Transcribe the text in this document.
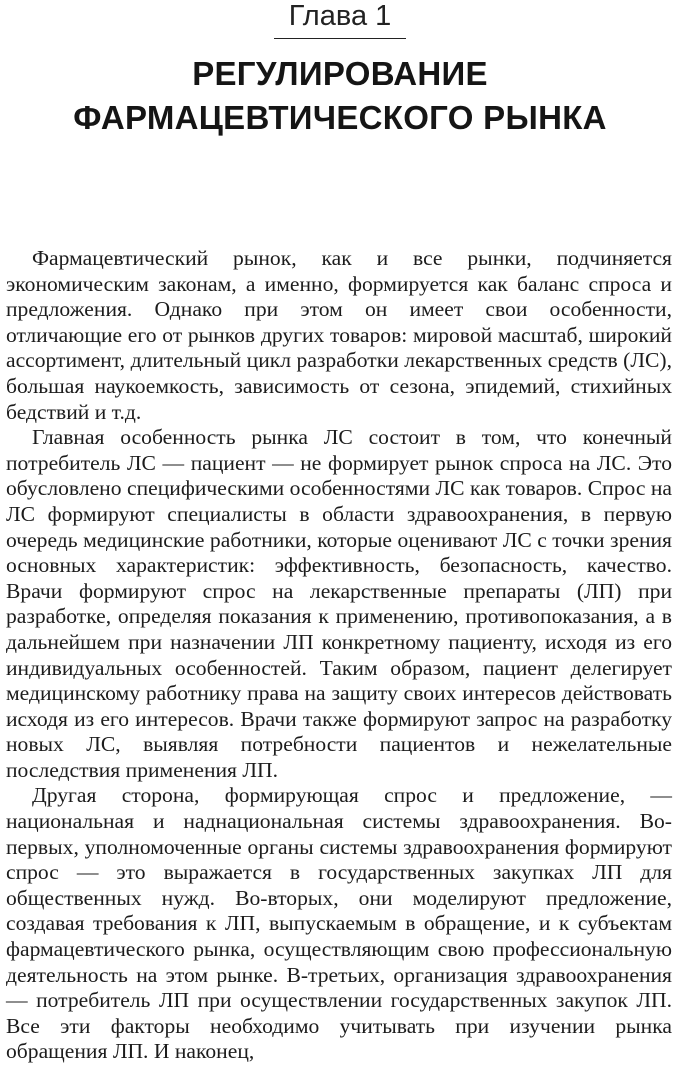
Глава 1
РЕГУЛИРОВАНИЕ
ФАРМАЦЕВТИЧЕСКОГО РЫНКА

Фармацевтический рынок, как и все рынки, подчиняется экономическим законам, а именно, формируется как баланс спроса и предложения. Однако при этом он имеет свои особенности, отличающие его от рынков других товаров: мировой масштаб, широкий ассортимент, длительный цикл разработки лекарственных средств (ЛС), большая наукоемкость, зависимость от сезона, эпидемий, стихийных бедствий и т.д.

Главная особенность рынка ЛС состоит в том, что конечный потребитель ЛС — пациент — не формирует рынок спроса на ЛС. Это обусловлено специфическими особенностями ЛС как товаров. Спрос на ЛС формируют специалисты в области здравоохранения, в первую очередь медицинские работники, которые оценивают ЛС с точки зрения основных характеристик: эффективность, безопасность, качество. Врачи формируют спрос на лекарственные препараты (ЛП) при разработке, определяя показания к применению, противопоказания, а в дальнейшем при назначении ЛП конкретному пациенту, исходя из его индивидуальных особенностей. Таким образом, пациент делегирует медицинскому работнику права на защиту своих интересов действовать исходя из его интересов. Врачи также формируют запрос на разработку новых ЛС, выявляя потребности пациентов и нежелательные последствия применения ЛП.

Другая сторона, формирующая спрос и предложение, — национальная и наднациональная системы здравоохранения. Во-первых, уполномоченные органы системы здравоохранения формируют спрос — это выражается в государственных закупках ЛП для общественных нужд. Во-вторых, они моделируют предложение, создавая требования к ЛП, выпускаемым в обращение, и к субъектам фармацевтического рынка, осуществляющим свою профессиональную деятельность на этом рынке. В-третьих, организация здравоохранения — потребитель ЛП при осуществлении государственных закупок ЛП. Все эти факторы необходимо учитывать при изучении рынка обращения ЛП. И наконец,
